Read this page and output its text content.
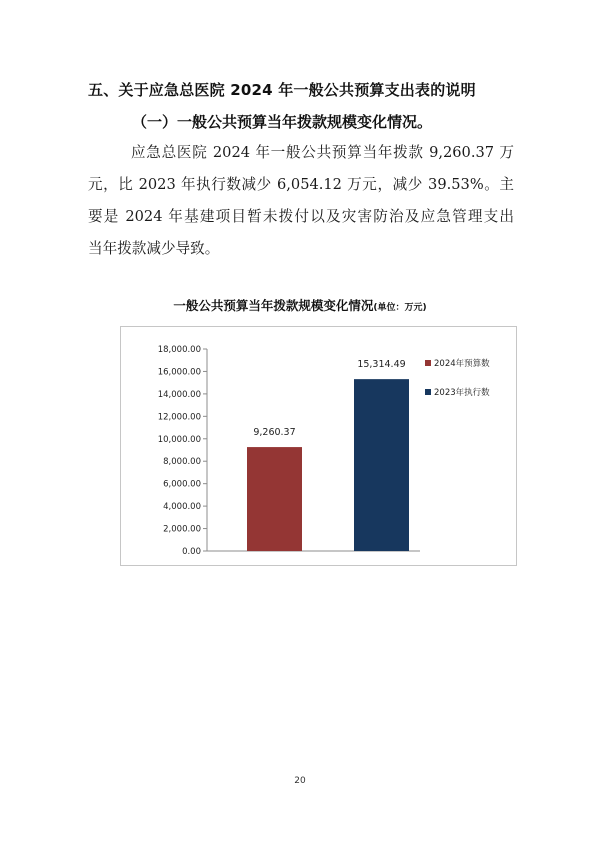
五、关于应急总医院 2024 年一般公共预算支出表的说明
（一）一般公共预算当年拨款规模变化情况。
应急总医院 2024 年一般公共预算当年拨款 9,260.37 万
元，比 2023 年执行数减少 6,054.12 万元，减少 39.53%。主
要是 2024 年基建项目暂未拨付以及灾害防治及应急管理支出
当年拨款减少导致。
一般公共预算当年拨款规模变化情况(单位：万元)
0.00
2,000.00
4,000.00
6,000.00
8,000.00
10,000.00
12,000.00
14,000.00
16,000.00
18,000.00
9,260.37
15,314.49	2024年预算数
2023年执行数
20
